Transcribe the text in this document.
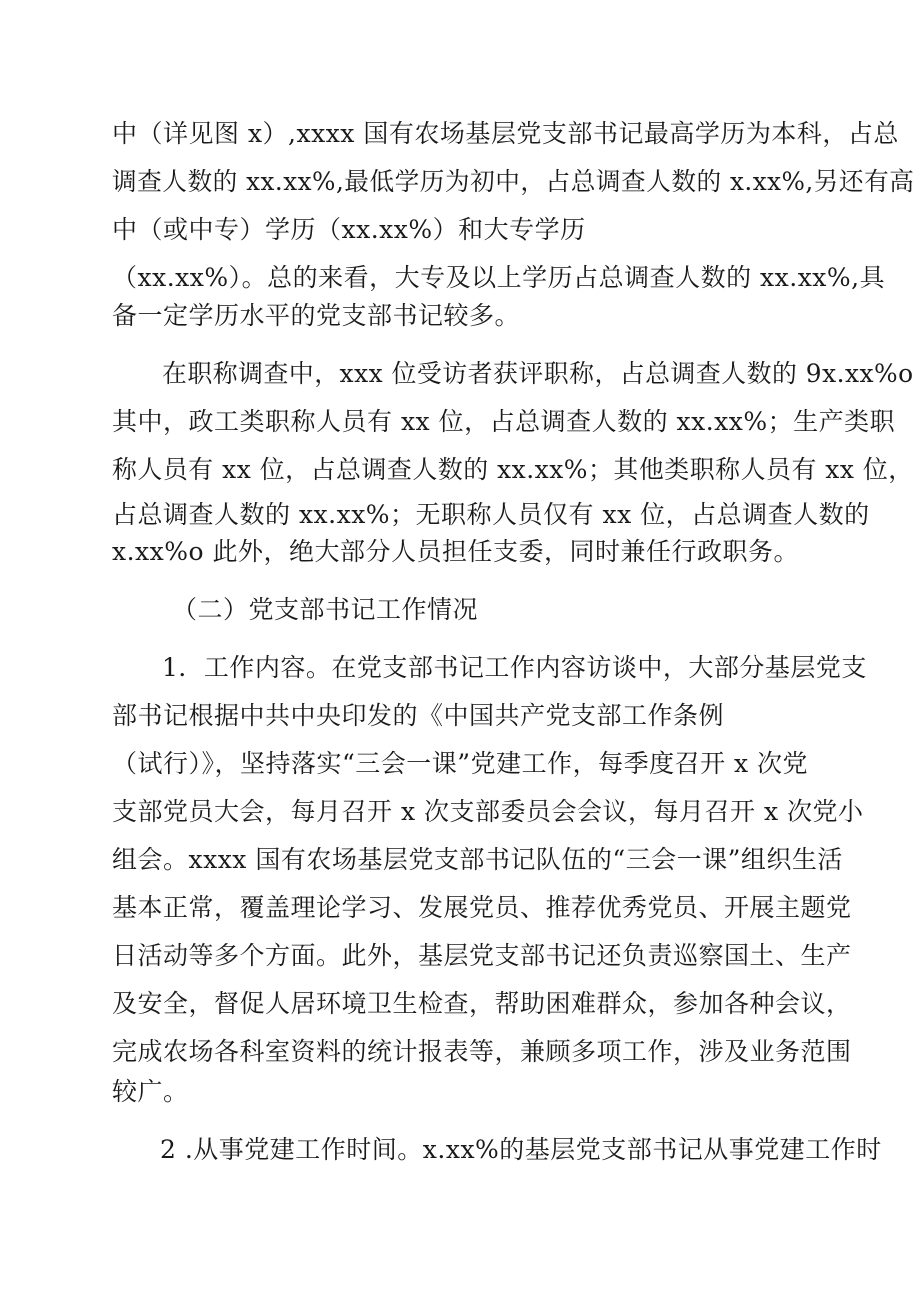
中（详见图 x）,xxxx 国有农场基层党支部书记最高学历为本科，占总
调查人数的 xx.xx%,最低学历为初中，占总调查人数的 x.xx%,另还有高
中（或中专）学历（xx.xx%）和大专学历
（xx.xx%）。总的来看，大专及以上学历占总调查人数的 xx.xx%,具
备一定学历水平的党支部书记较多。
在职称调查中，xxx 位受访者获评职称，占总调查人数的 9x.xx%o
其中，政工类职称人员有 xx 位，占总调查人数的 xx.xx%；生产类职
称人员有 xx 位，占总调查人数的 xx.xx%；其他类职称人员有 xx 位，
占总调查人数的 xx.xx%；无职称人员仅有 xx 位，占总调查人数的
x.xx%o 此外，绝大部分人员担任支委，同时兼任行政职务。
（二）党支部书记工作情况
1．工作内容。在党支部书记工作内容访谈中，大部分基层党支
部书记根据中共中央印发的《中国共产党支部工作条例
（试行）》，坚持落实“三会一课”党建工作，每季度召开 x 次党
支部党员大会，每月召开 x 次支部委员会会议，每月召开 x 次党小
组会。xxxx 国有农场基层党支部书记队伍的“三会一课”组织生活
基本正常，覆盖理论学习、发展党员、推荐优秀党员、开展主题党
日活动等多个方面。此外，基层党支部书记还负责巡察国土、生产
及安全，督促人居环境卫生检查，帮助困难群众，参加各种会议，
完成农场各科室资料的统计报表等，兼顾多项工作，涉及业务范围
较广。
2 .从事党建工作时间。x.xx%的基层党支部书记从事党建工作时
